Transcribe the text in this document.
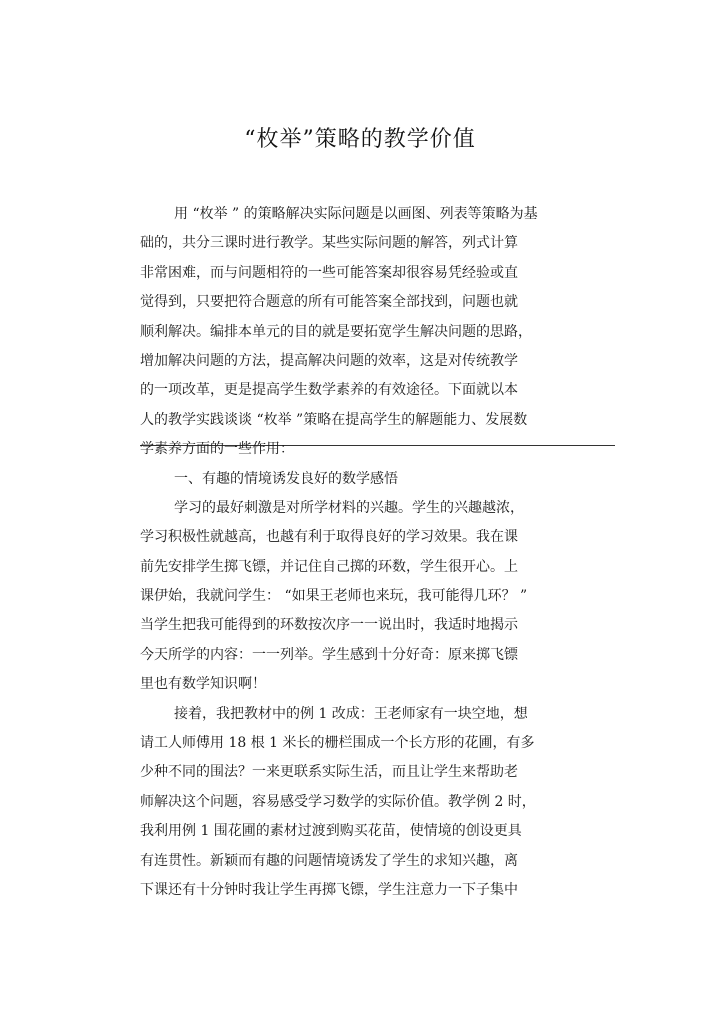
“枚举”策略的教学价值
用 “枚举 ” 的策略解决实际问题是以画图、列表等策略为基
础的，共分三课时进行教学。某些实际问题的解答，列式计算
非常困难，而与问题相符的一些可能答案却很容易凭经验或直
觉得到，只要把符合题意的所有可能答案全部找到，问题也就
顺利解决。编排本单元的目的就是要拓宽学生解决问题的思路，
增加解决问题的方法，提高解决问题的效率，这是对传统教学
的一项改革，更是提高学生数学素养的有效途径。下面就以本
人的教学实践谈谈 “枚举 ”策略在提高学生的解题能力、发展数
学素养方面的一些作用：
一、有趣的情境诱发良好的数学感悟
学习的最好刺激是对所学材料的兴趣。学生的兴趣越浓，
学习积极性就越高，也越有利于取得良好的学习效果。我在课
前先安排学生掷飞镖，并记住自己掷的环数，学生很开心。上
课伊始，我就问学生： “如果王老师也来玩，我可能得几环？ ”
当学生把我可能得到的环数按次序一一说出时，我适时地揭示
今天所学的内容：一一列举。学生感到十分好奇：原来掷飞镖
里也有数学知识啊！
接着，我把教材中的例 1 改成：王老师家有一块空地，想
请工人师傅用 18 根 1 米长的栅栏围成一个长方形的花圃，有多
少种不同的围法？一来更联系实际生活，而且让学生来帮助老
师解决这个问题，容易感受学习数学的实际价值。教学例 2 时，
我利用例 1 围花圃的素材过渡到购买花苗，使情境的创设更具
有连贯性。新颖而有趣的问题情境诱发了学生的求知兴趣，离
下课还有十分钟时我让学生再掷飞镖，学生注意力一下子集中
